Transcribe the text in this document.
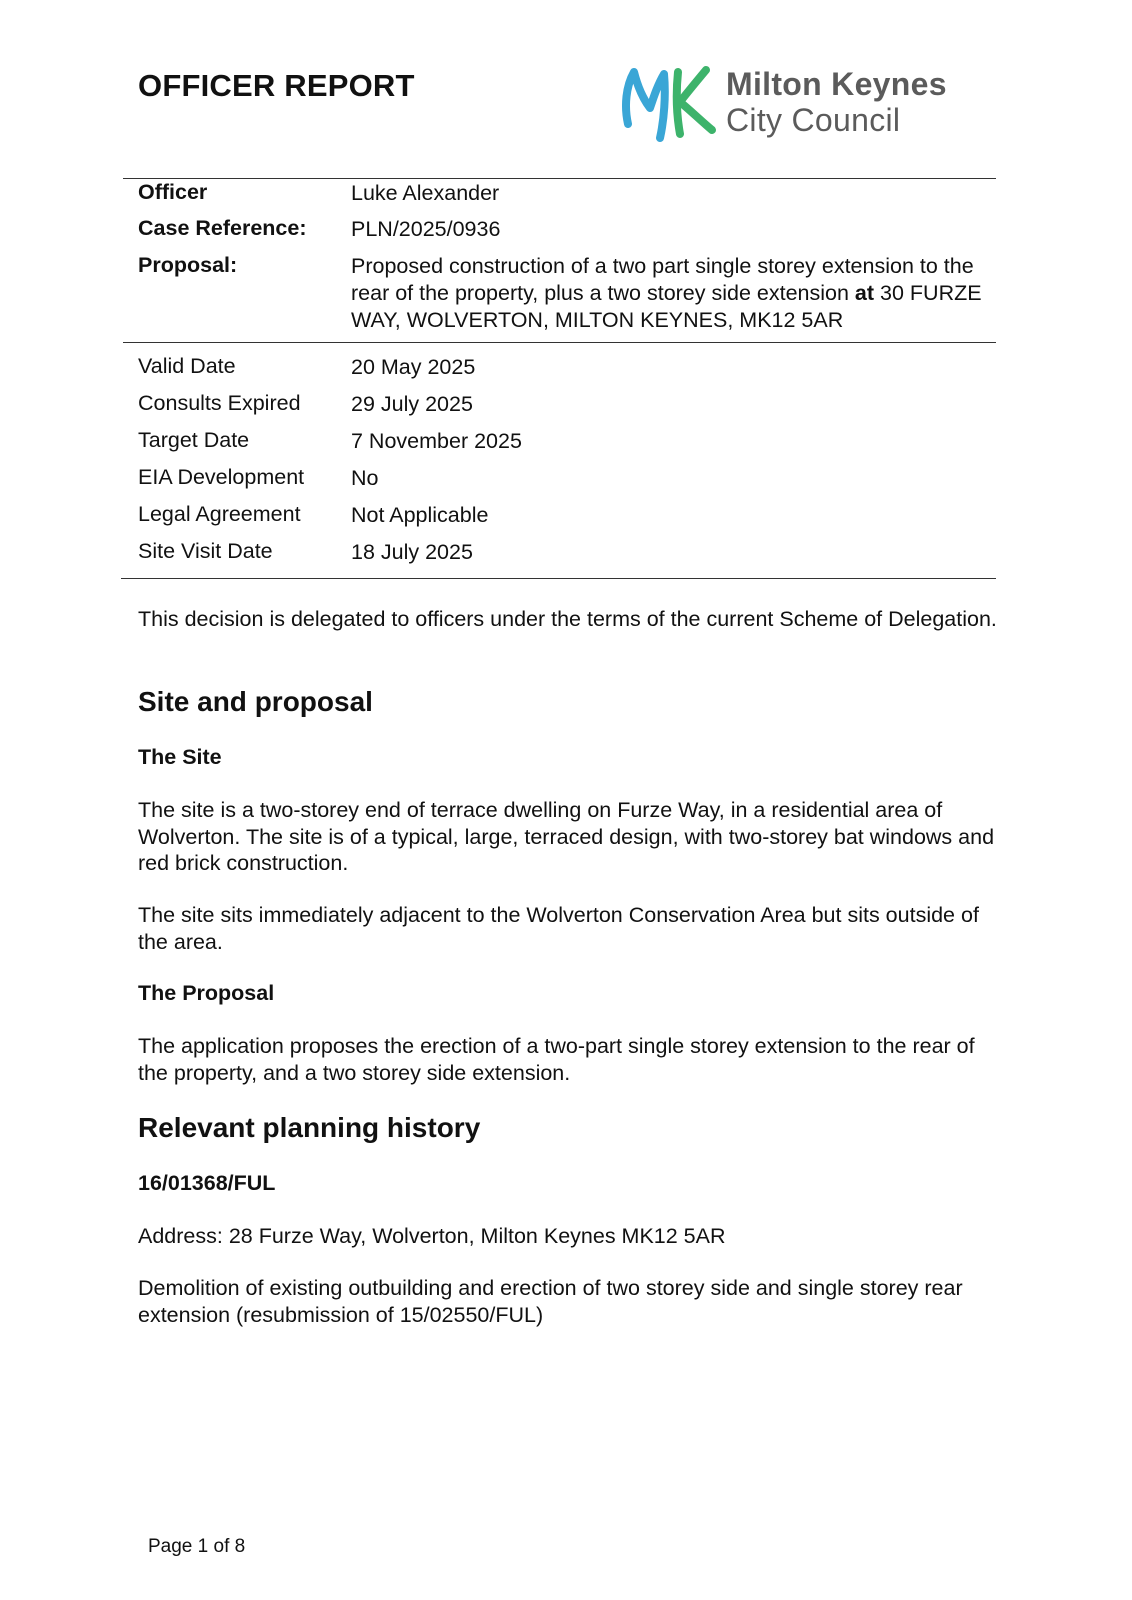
OFFICER REPORT	Milton Keynes
City Council
Officer	Luke Alexander
Case Reference: PLN/2025/0936
Proposal:	Proposed construction of a two part single storey extension to the rear of the property, plus a two storey side extension at 30 FURZE WAY, WOLVERTON, MILTON KEYNES, MK12 5AR
Valid Date	20 May 2025
Consults Expired 29 July 2025
Target Date	7 November 2025
EIA Development No
Legal Agreement Not Applicable
Site Visit Date	18 July 2025
This decision is delegated to officers under the terms of the current Scheme of Delegation.
Site and proposal
The Site
The site is a two-storey end of terrace dwelling on Furze Way, in a residential area of Wolverton. The site is of a typical, large, terraced design, with two-storey bat windows and red brick construction.
The site sits immediately adjacent to the Wolverton Conservation Area but sits outside of the area.
The Proposal
The application proposes the erection of a two-part single storey extension to the rear of the property, and a two storey side extension.
Relevant planning history
16/01368/FUL
Address: 28 Furze Way, Wolverton, Milton Keynes MK12 5AR
Demolition of existing outbuilding and erection of two storey side and single storey rear extension (resubmission of 15/02550/FUL)
Page 1 of 8
